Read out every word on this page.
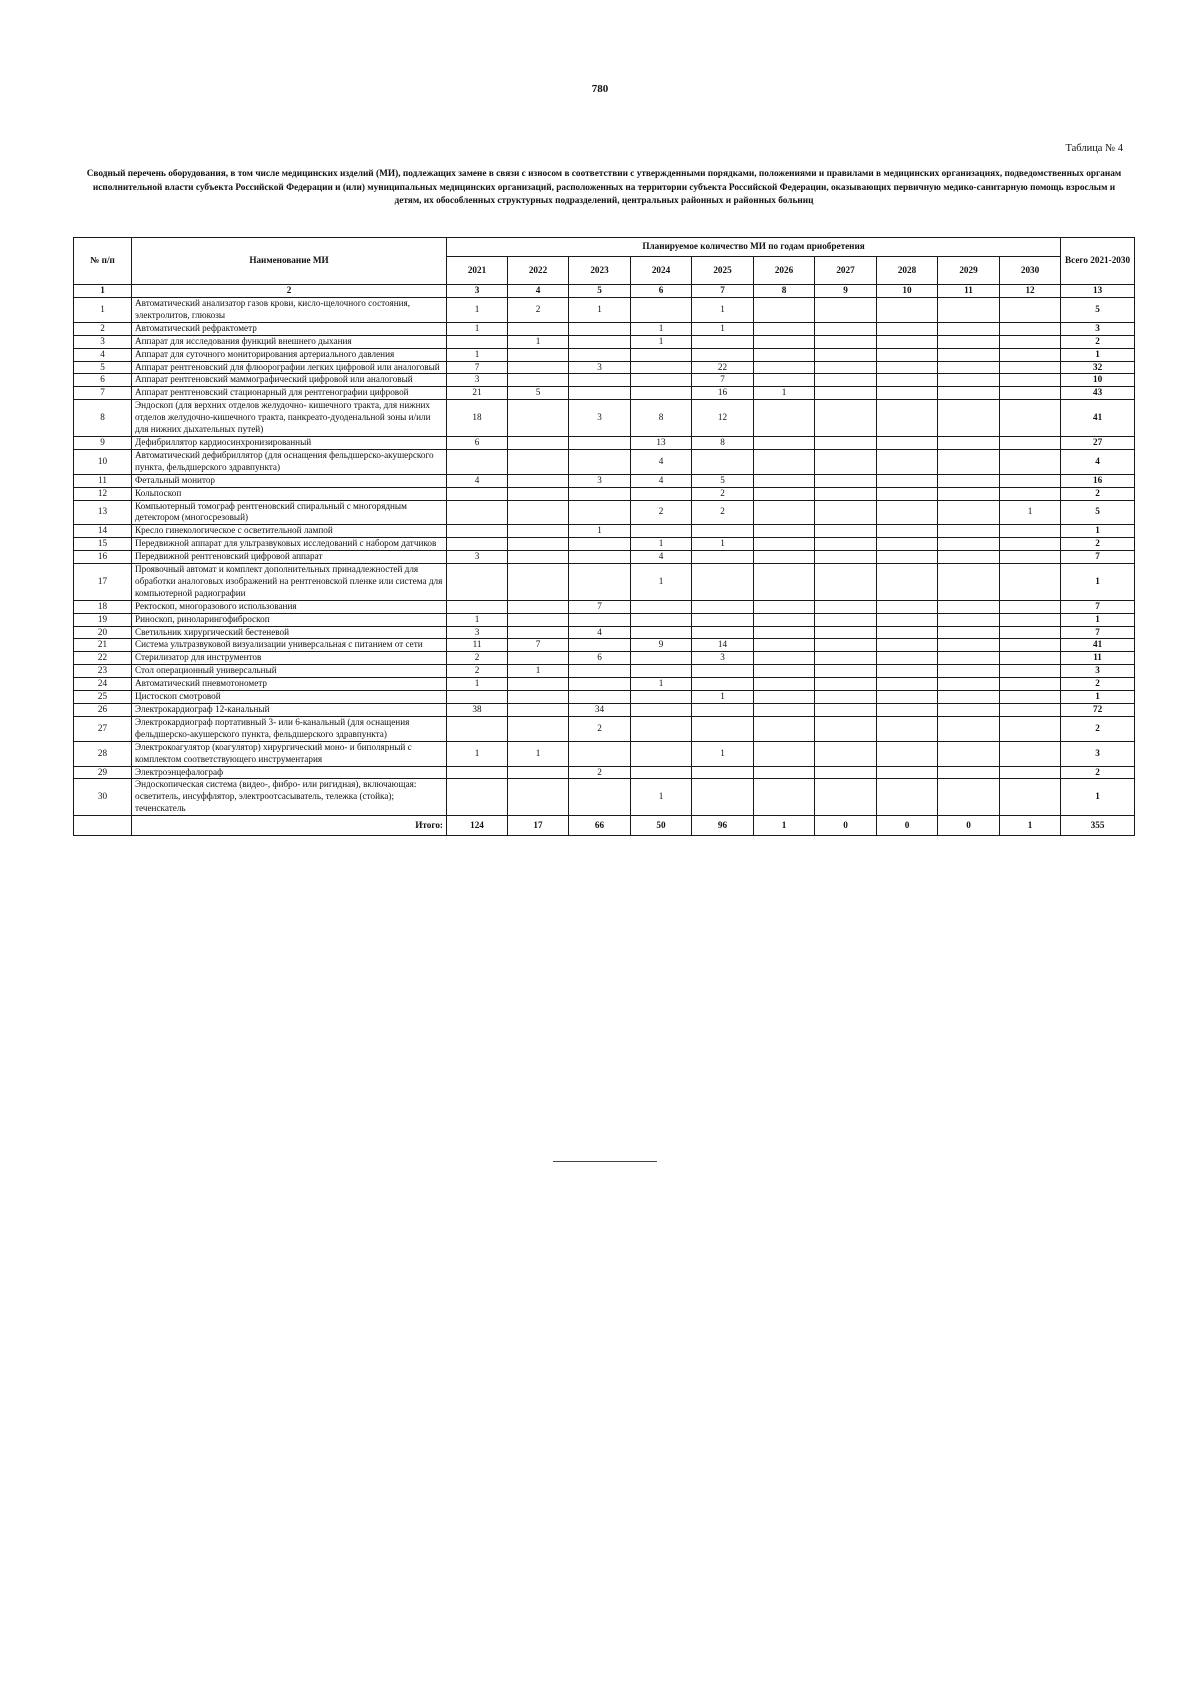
780
Таблица № 4
Сводный перечень оборудования, в том числе медицинских изделий (МИ), подлежащих замене в связи с износом в соответствии с утвержденными порядками, положениями и правилами в медицинских организациях, подведомственных органам исполнительной власти субъекта Российской Федерации и (или) муниципальных медицинских организаций, расположенных на территории субъекта Российской Федерации, оказывающих первичную медико-санитарную помощь взрослым и детям, их обособленных структурных подразделений, центральных районных и районных больниц
№ п/п	Наименование МИ	Планируемое количество МИ по годам приобретения										Всего 2021-2030
		2021	2022	2023	2024	2025	2026	2027	2028	2029	2030	
1	2	3	4	5	6	7	8	9	10	11	12	13
1	Автоматический анализатор газов крови, кисло-щелочного состояния, электролитов, глюкозы	1	2	1		1						5
2	Автоматический рефрактометр	1			1	1						3
3	Аппарат для исследования функций внешнего дыхания		1		1							2
4	Аппарат для суточного мониторирования артериального давления	1										1
5	Аппарат рентгеновский для флюорографии легких цифровой или аналоговый	7		3		22						32
6	Аппарат рентгеновский маммографический цифровой или аналоговый	3				7						10
7	Аппарат рентгеновский стационарный для рентгенографии цифровой	21	5			16	1					43
8	Эндоскоп (для верхних отделов желудочно- кишечного тракта, для нижних отделов желудочно-кишечного тракта, панкреато-дуоденальной зоны и/или для нижних дыхательных путей)	18		3	8	12						41
9	Дефибриллятор кардиосинхронизированный	6			13	8						27
10	Автоматический дефибриллятор (для оснащения фельдшерско-акушерского пункта, фельдшерского здравпункта)				4							4
11	Фетальный монитор	4		3	4	5						16
12	Кольпоскоп					2						2
13	Компьютерный томограф рентгеновский спиральный с многорядным детектором (многосрезовый)				2	2					1	5
14	Кресло гинекологическое с осветительной лампой			1								1
15	Передвижной аппарат для ультразвуковых исследований с набором датчиков				1	1						2
16	Передвижной рентгеновский цифровой аппарат	3			4							7
17	Проявочный автомат и комплект дополнительных принадлежностей для обработки аналоговых изображений на рентгеновской пленке или система для компьютерной радиографии				1							1
18	Ректоскоп, многоразового использования			7								7
19	Риноскоп, риноларингофиброскоп	1										1
20	Светильник хирургический бестеневой	3		4								7
21	Система ультразвуковой визуализации универсальная с питанием от сети	11	7		9	14						41
22	Стерилизатор для инструментов	2		6		3						11
23	Стол операционный универсальный	2	1									3
24	Автоматический пневмотонометр	1			1							2
25	Цистоскоп смотровой					1						1
26	Электрокардиограф 12-канальный	38		34								72
27	Электрокардиограф портативный 3- или 6-канальный (для оснащения фельдшерско-акушерского пункта, фельдшерского здравпункта)			2								2
28	Электрокоагулятор (коагулятор) хирургический моно- и биполярный с комплектом соответствующего инструментария	1	1			1						3
29	Электроэнцефалограф			2								2
30	Эндоскопическая система (видео-, фибро- или ригидная), включающая: осветитель, инсуффлятор, электроотсасыватель, тележка (стойка); теченскатель				1							1
	Итого:	124	17	66	50	96	1	0	0	0	1	355
